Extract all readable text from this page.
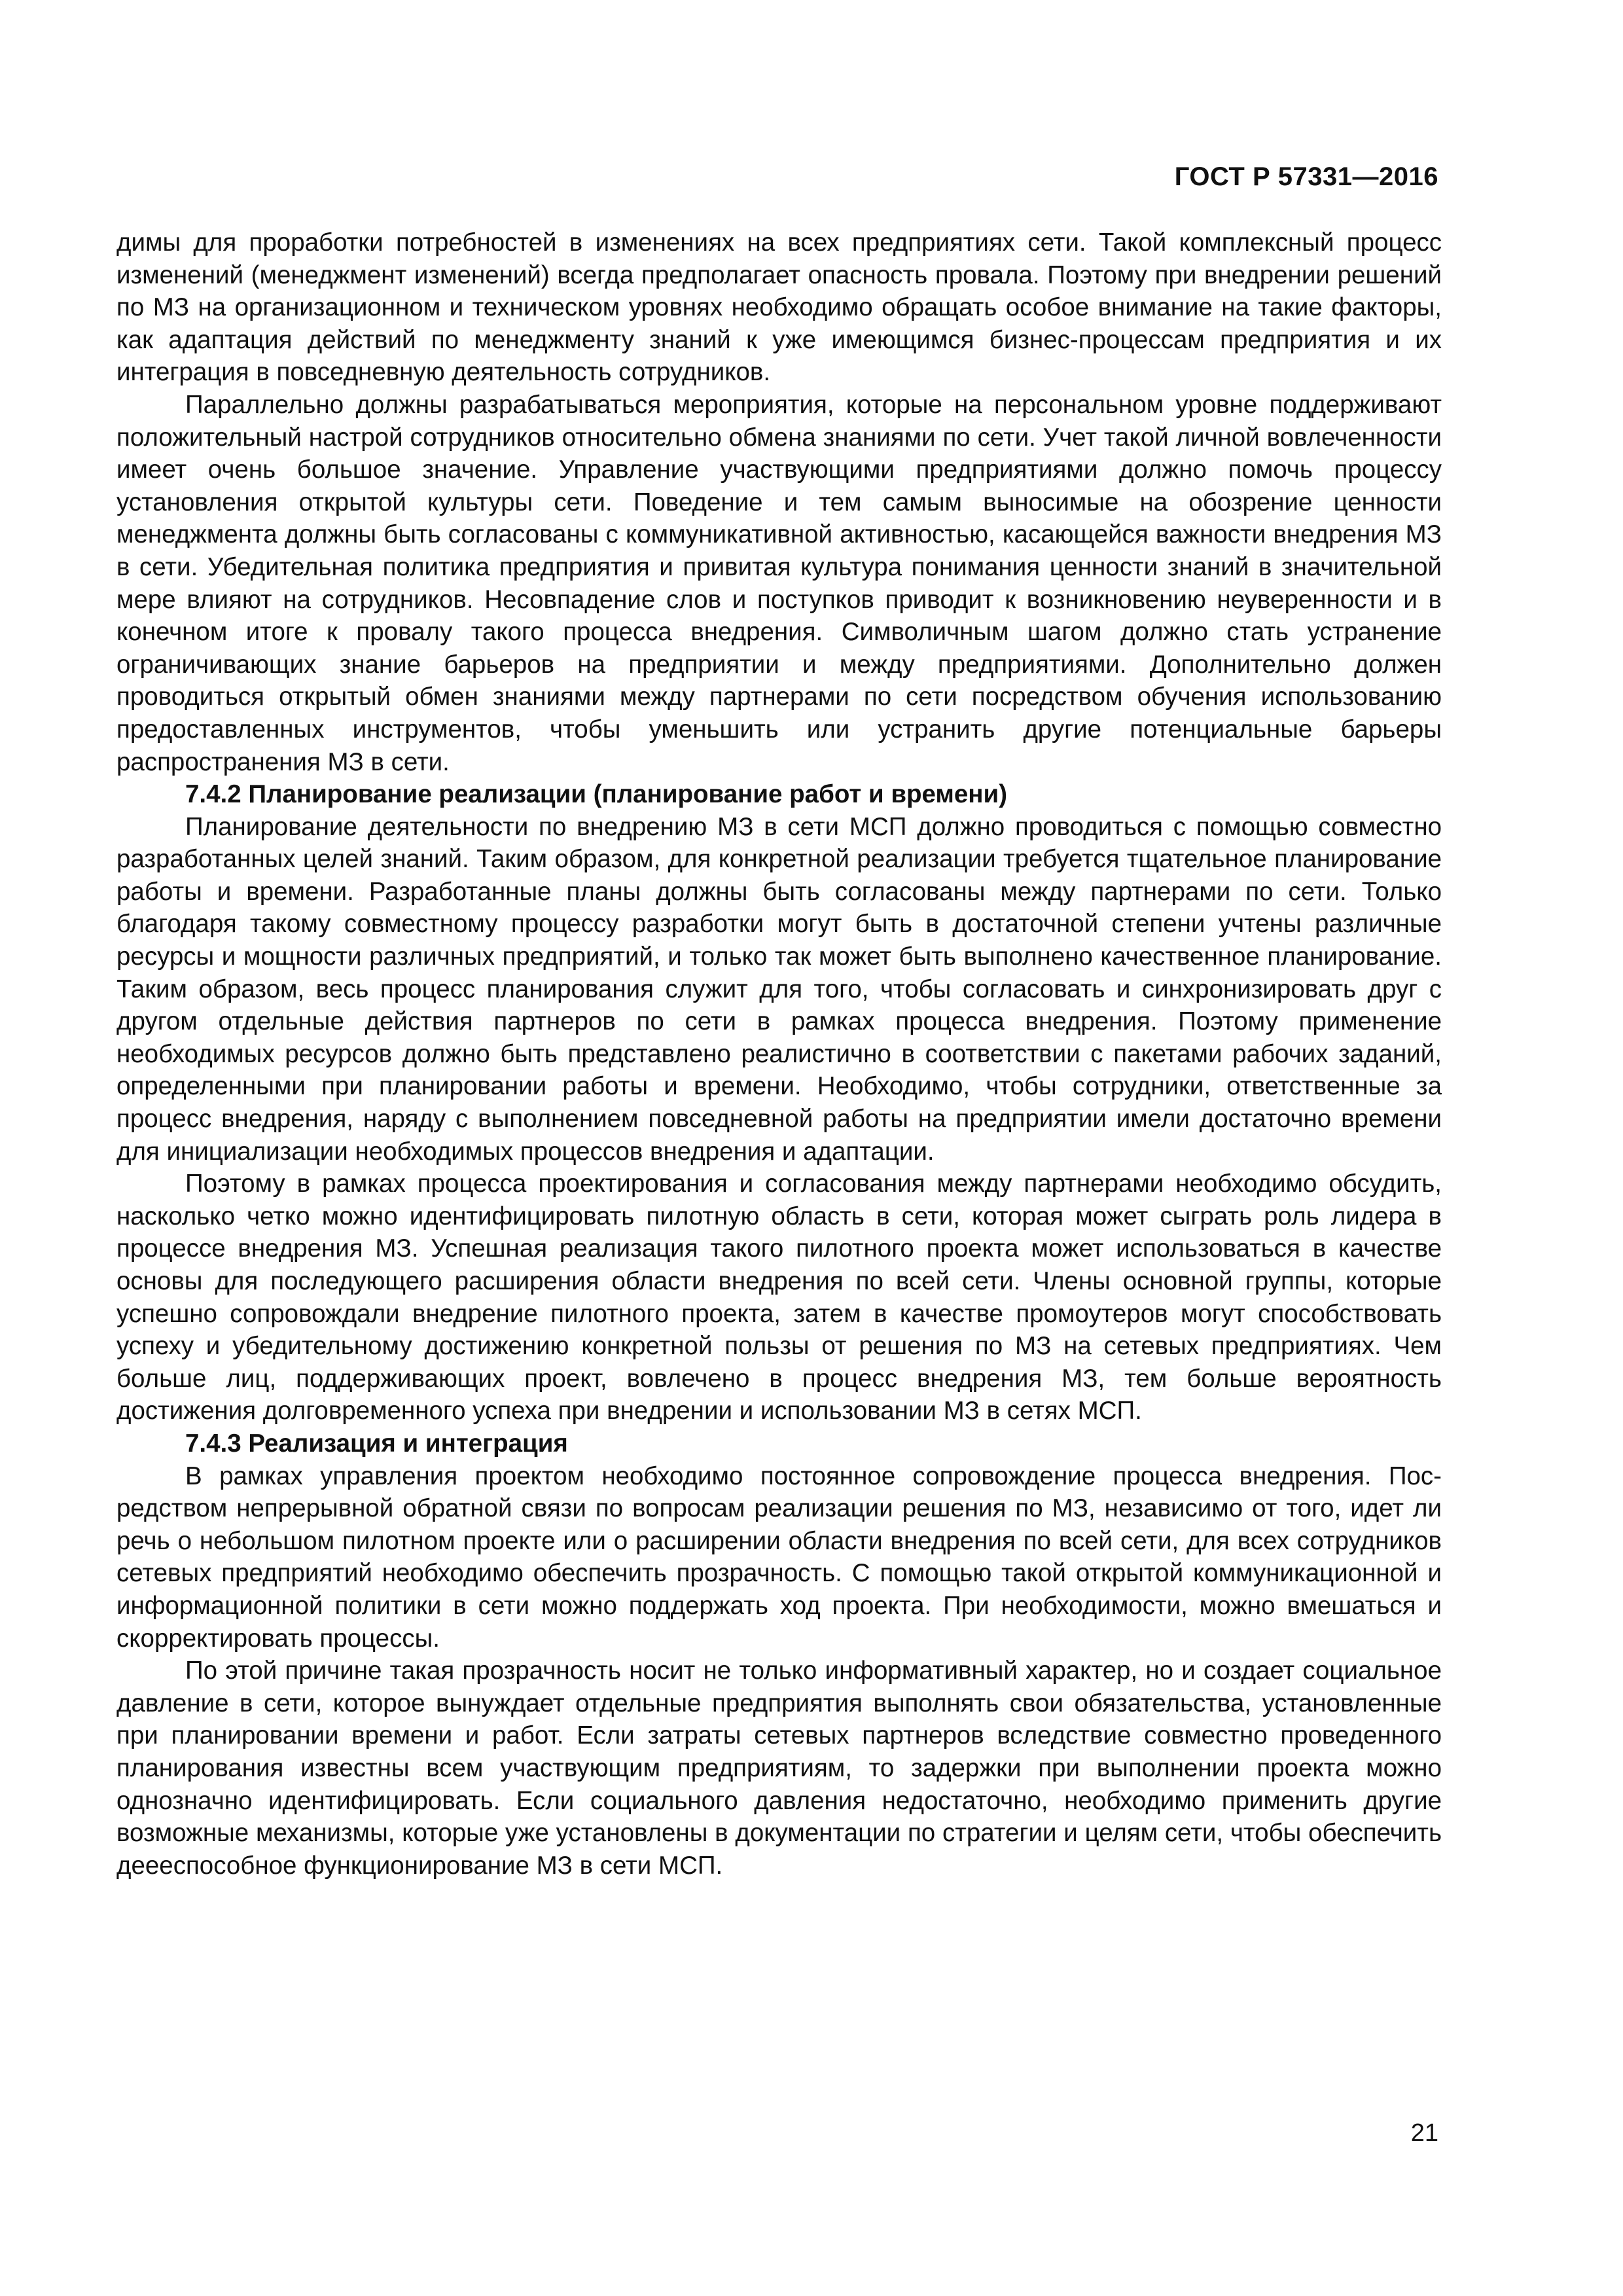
ГОСТ Р 57331—2016

димы для проработки потребностей в изменениях на всех предприятиях сети. Такой комплексный процесс изменений (менеджмент изменений) всегда предполагает опасность провала. Поэтому при внедрении решений по МЗ на организационном и техническом уровнях необходимо обращать особое внимание на такие факторы, как адаптация действий по менеджменту знаний к уже имеющимся бизнес-процессам предприятия и их интеграция в повседневную деятельность сотрудников.

Параллельно должны разрабатываться мероприятия, которые на персональном уровне поддерживают положительный настрой сотрудников относительно обмена знаниями по сети. Учет такой личной вовлеченности имеет очень большое значение. Управление участвующими предприятиями должно помочь процессу установления открытой культуры сети. Поведение и тем самым выносимые на обозрение ценности менеджмента должны быть согласованы с коммуникативной активностью, касающейся важности внедрения МЗ в сети. Убедительная политика предприятия и привитая культура понимания ценности знаний в значительной мере влияют на сотрудников. Несовпадение слов и поступков приводит к возникновению неуверенности и в конечном итоге к провалу такого процесса внедрения. Символичным шагом должно стать устранение ограничивающих знание барьеров на предприятии и между предприятиями. Дополнительно должен проводиться открытый обмен знаниями между партнерами по сети посредством обучения использованию предоставленных инструментов, чтобы уменьшить или устранить другие потенциальные барьеры распространения МЗ в сети.

7.4.2 Планирование реализации (планирование работ и времени)

Планирование деятельности по внедрению МЗ в сети МСП должно проводиться с помощью совместно разработанных целей знаний. Таким образом, для конкретной реализации требуется тщательное планирование работы и времени. Разработанные планы должны быть согласованы между партнерами по сети. Только благодаря такому совместному процессу разработки могут быть в достаточной степени учтены различные ресурсы и мощности различных предприятий, и только так может быть выполнено качественное планирование. Таким образом, весь процесс планирования служит для того, чтобы согласовать и синхронизировать друг с другом отдельные действия партнеров по сети в рамках процесса внедрения. Поэтому применение необходимых ресурсов должно быть представлено реалистично в соответствии с пакетами рабочих заданий, определенными при планировании работы и времени. Необходимо, чтобы сотрудники, ответственные за процесс внедрения, наряду с выполнением повседневной работы на предприятии имели достаточно времени для инициализации необходимых процессов внедрения и адаптации.

Поэтому в рамках процесса проектирования и согласования между партнерами необходимо обсудить, насколько четко можно идентифицировать пилотную область в сети, которая может сыграть роль лидера в процессе внедрения МЗ. Успешная реализация такого пилотного проекта может использоваться в качестве основы для последующего расширения области внедрения по всей сети. Члены основной группы, которые успешно сопровождали внедрение пилотного проекта, затем в качестве промоутеров могут способствовать успеху и убедительному достижению конкретной пользы от решения по МЗ на сетевых предприятиях. Чем больше лиц, поддерживающих проект, вовлечено в процесс внедрения МЗ, тем больше вероятность достижения долговременного успеха при внедрении и использовании МЗ в сетях МСП.

7.4.3 Реализация и интеграция

В рамках управления проектом необходимо постоянное сопровождение процесса внедрения. Посредством непрерывной обратной связи по вопросам реализации решения по МЗ, независимо от того, идет ли речь о небольшом пилотном проекте или о расширении области внедрения по всей сети, для всех сотрудников сетевых предприятий необходимо обеспечить прозрачность. С помощью такой открытой коммуникационной и информационной политики в сети можно поддержать ход проекта. При необходимости, можно вмешаться и скорректировать процессы.

По этой причине такая прозрачность носит не только информативный характер, но и создает социальное давление в сети, которое вынуждает отдельные предприятия выполнять свои обязательства, установленные при планировании времени и работ. Если затраты сетевых партнеров вследствие совместно проведенного планирования известны всем участвующим предприятиям, то задержки при выполнении проекта можно однозначно идентифицировать. Если социального давления недостаточно, необходимо применить другие возможные механизмы, которые уже установлены в документации по стратегии и целям сети, чтобы обеспечить деееспособное функционирование МЗ в сети МСП.

21
